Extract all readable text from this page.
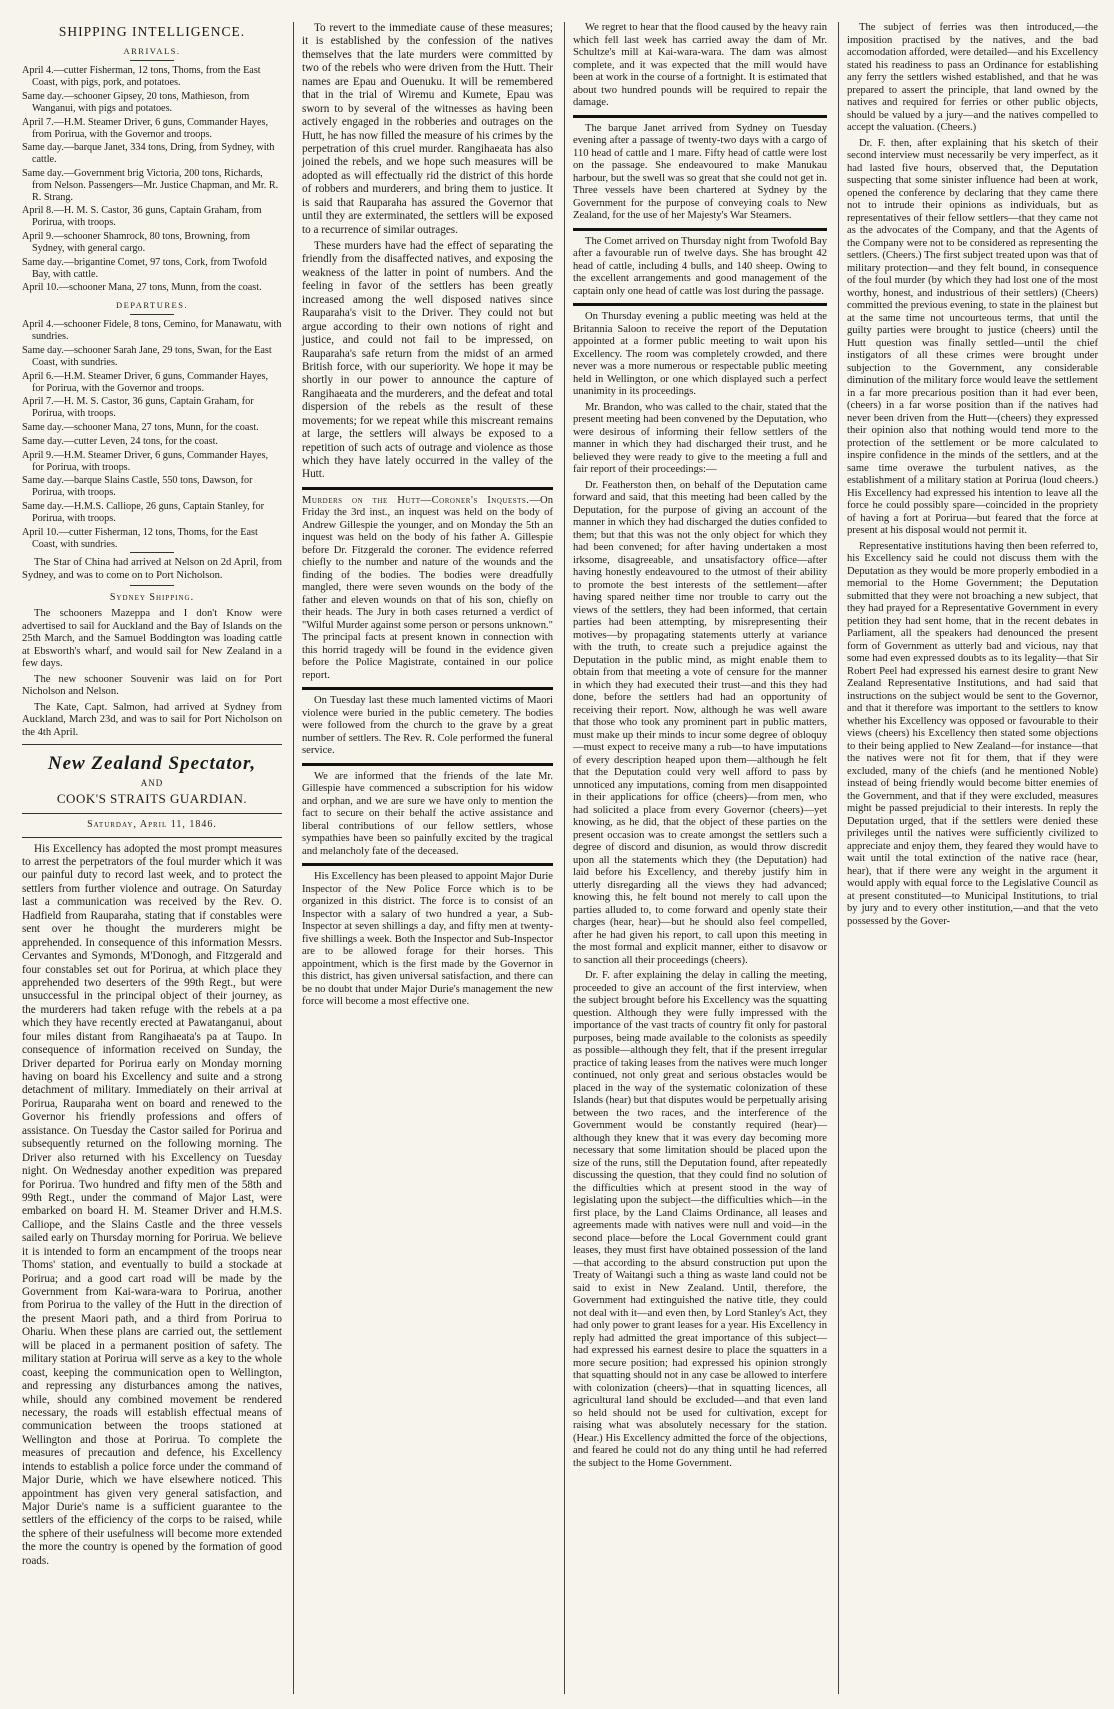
SHIPPING INTELLIGENCE.
ARRIVALS.
April 4.—cutter Fisherman, 12 tons, Thoms, from the East Coast, with pigs, pork, and potatoes.
Same day.—schooner Gipsey, 20 tons, Mathieson, from Wanganui, with pigs and potatoes.
April 7.—H.M. Steamer Driver, 6 guns, Commander Hayes, from Porirua, with the Governor and troops.
Same day.—barque Janet, 334 tons, Dring, from Sydney, with cattle.
Same day.—Government brig Victoria, 200 tons, Richards, from Nelson. Passengers—Mr. Justice Chapman, and Mr. R. R. Strang.
April 8.—H. M. S. Castor, 36 guns, Captain Graham, from Porirua, with troops.
April 9.—schooner Shamrock, 80 tons, Browning, from Sydney, with general cargo.
Same day.—brigantine Comet, 97 tons, Cork, from Twofold Bay, with cattle.
April 10.—schooner Mana, 27 tons, Munn, from the coast.
DEPARTURES.
April 4.—schooner Fidele, 8 tons, Cemino, for Manawatu, with sundries.
Same day.—schooner Sarah Jane, 29 tons, Swan, for the East Coast, with sundries.
April 6.—H.M. Steamer Driver, 6 guns, Commander Hayes, for Porirua, with the Governor and troops.
April 7.—H. M. S. Castor, 36 guns, Captain Graham, for Porirua, with troops.
Same day.—schooner Mana, 27 tons, Munn, for the coast.
Same day.—cutter Leven, 24 tons, for the coast.
April 9.—H.M. Steamer Driver, 6 guns, Commander Hayes, for Porirua, with troops.
Same day.—barque Slains Castle, 550 tons, Dawson, for Porirua, with troops.
Same day.—H.M.S. Calliope, 26 guns, Captain Stanley, for Porirua, with troops.
April 10.—cutter Fisherman, 12 tons, Thoms, for the East Coast, with sundries.

The Star of China had arrived at Nelson on 2d April, from Sydney, and was to come on to Port Nicholson.

Sydney Shipping.

The schooners Mazeppa and I don't Know were advertised to sail for Auckland and the Bay of Islands on the 25th March, and the Samuel Boddington was loading cattle at Ebsworth's wharf, and would sail for New Zealand in a few days.

The new schooner Souvenir was laid on for Port Nicholson and Nelson.

The Kate, Capt. Salmon, had arrived at Sydney from Auckland, March 23d, and was to sail for Port Nicholson on the 4th April.

New Zealand Spectator,
AND
COOK'S STRAITS GUARDIAN.
Saturday, April 11, 1846.

His Excellency has adopted the most prompt measures to arrest the perpetrators of the foul murder which it was our painful duty to record last week, and to protect the settlers from further violence and outrage. On Saturday last a communication was received by the Rev. O. Hadfield from Rauparaha, stating that if constables were sent over he thought the murderers might be apprehended. In consequence of this information Messrs. Cervantes and Symonds, M'Donogh, and Fitzgerald and four constables set out for Porirua, at which place they apprehended two deserters of the 99th Regt., but were unsuccessful in the principal object of their journey, as the murderers had taken refuge with the rebels at a pa which they have recently erected at Pawatanganui, about four miles distant from Rangihaeata's pa at Taupo. In consequence of information received on Sunday, the Driver departed for Porirua early on Monday morning having on board his Excellency and suite and a strong detachment of military. Immediately on their arrival at Porirua, Rauparaha went on board and renewed to the Governor his friendly professions and offers of assistance. On Tuesday the Castor sailed for Porirua and subsequently returned on the following morning. The Driver also returned with his Excellency on Tuesday night. On Wednesday another expedition was prepared for Porirua. Two hundred and fifty men of the 58th and 99th Regt., under the command of Major Last, were embarked on board H. M. Steamer Driver and H.M.S. Calliope, and the Slains Castle and the three vessels sailed early on Thursday morning for Porirua. We believe it is intended to form an encampment of the troops near Thoms' station, and eventually to build a stockade at Porirua; and a good cart road will be made by the Government from Kai-wara-wara to Porirua, another from Porirua to the valley of the Hutt in the direction of the present Maori path, and a third from Porirua to Ohariu. When these plans are carried out, the settlement will be placed in a permanent position of safety. The military station at Porirua will serve as a key to the whole coast, keeping the communication open to Wellington, and repressing any disturbances among the natives, while, should any combined movement be rendered necessary, the roads will establish effectual means of communication between the troops stationed at Wellington and those at Porirua. To complete the measures of precaution and defence, his Excellency intends to establish a police force under the command of Major Durie, which we have elsewhere noticed. This appointment has given very general satisfaction, and Major Durie's name is a sufficient guarantee to the settlers of the efficiency of the corps to be raised, while the sphere of their usefulness will become more extended the more the country is opened by the formation of good roads.

To revert to the immediate cause of these measures; it is established by the confession of the natives themselves that the late murders were committed by two of the rebels who were driven from the Hutt. Their names are Epau and Ouenuku. It will be remembered that in the trial of Wiremu and Kumete, Epau was sworn to by several of the witnesses as having been actively engaged in the robberies and outrages on the Hutt, he has now filled the measure of his crimes by the perpetration of this cruel murder. Rangihaeata has also joined the rebels, and we hope such measures will be adopted as will effectually rid the district of this horde of robbers and murderers, and bring them to justice. It is said that Rauparaha has assured the Governor that until they are exterminated, the settlers will be exposed to a recurrence of similar outrages.

These murders have had the effect of separating the friendly from the disaffected natives, and exposing the weakness of the latter in point of numbers. And the feeling in favor of the settlers has been greatly increased among the well disposed natives since Rauparaha's visit to the Driver. They could not but argue according to their own notions of right and justice, and could not fail to be impressed, on Rauparaha's safe return from the midst of an armed British force, with our superiority. We hope it may be shortly in our power to announce the capture of Rangihaeata and the murderers, and the defeat and total dispersion of the rebels as the result of these movements; for we repeat while this miscreant remains at large, the settlers will always be exposed to a repetition of such acts of outrage and violence as those which they have lately occurred in the valley of the Hutt.

Murders on the Hutt—Coroner's Inquests.—On Friday the 3rd inst., an inquest was held on the body of Andrew Gillespie the younger, and on Monday the 5th an inquest was held on the body of his father A. Gillespie before Dr. Fitzgerald the coroner. The evidence referred chiefly to the number and nature of the wounds and the finding of the bodies. The bodies were dreadfully mangled, there were seven wounds on the body of the father and eleven wounds on that of his son, chiefly on their heads. The Jury in both cases returned a verdict of "Wilful Murder against some person or persons unknown." The principal facts at present known in connection with this horrid tragedy will be found in the evidence given before the Police Magistrate, contained in our police report.

On Tuesday last these much lamented victims of Maori violence were buried in the public cemetery. The bodies were followed from the church to the grave by a great number of settlers. The Rev. R. Cole performed the funeral service.

We are informed that the friends of the late Mr. Gillespie have commenced a subscription for his widow and orphan, and we are sure we have only to mention the fact to secure on their behalf the active assistance and liberal contributions of our fellow settlers, whose sympathies have been so painfully excited by the tragical and melancholy fate of the deceased.

His Excellency has been pleased to appoint Major Durie Inspector of the New Police Force which is to be organized in this district. The force is to consist of an Inspector with a salary of two hundred a year, a Sub-Inspector at seven shillings a day, and fifty men at twenty-five shillings a week. Both the Inspector and Sub-Inspector are to be allowed forage for their horses. This appointment, which is the first made by the Governor in this district, has given universal satisfaction, and there can be no doubt that under Major Durie's management the new force will become a most effective one.

We regret to hear that the flood caused by the heavy rain which fell last week has carried away the dam of Mr. Schultze's mill at Kai-wara-wara. The dam was almost complete, and it was expected that the mill would have been at work in the course of a fortnight. It is estimated that about two hundred pounds will be required to repair the damage.

The barque Janet arrived from Sydney on Tuesday evening after a passage of twenty-two days with a cargo of 110 head of cattle and 1 mare. Fifty head of cattle were lost on the passage. She endeavoured to make Manukau harbour, but the swell was so great that she could not get in. Three vessels have been chartered at Sydney by the Government for the purpose of conveying coals to New Zealand, for the use of her Majesty's War Steamers.

The Comet arrived on Thursday night from Twofold Bay after a favourable run of twelve days. She has brought 42 head of cattle, including 4 bulls, and 140 sheep. Owing to the excellent arrangements and good management of the captain only one head of cattle was lost during the passage.

On Thursday evening a public meeting was held at the Britannia Saloon to receive the report of the Deputation appointed at a former public meeting to wait upon his Excellency. The room was completely crowded, and there never was a more numerous or respectable public meeting held in Wellington, or one which displayed such a perfect unanimity in its proceedings.

Mr. Brandon, who was called to the chair, stated that the present meeting had been convened by the Deputation, who were desirous of informing their fellow settlers of the manner in which they had discharged their trust, and he believed they were ready to give to the meeting a full and fair report of their proceedings:—

Dr. Featherston then, on behalf of the Deputation came forward and said, that this meeting had been called by the Deputation, for the purpose of giving an account of the manner in which they had discharged the duties confided to them; but that this was not the only object for which they had been convened; for after having undertaken a most irksome, disagreeable, and unsatisfactory office—after having honestly endeavoured to the utmost of their ability to promote the best interests of the settlement—after having spared neither time nor trouble to carry out the views of the settlers, they had been informed, that certain parties had been attempting, by misrepresenting their motives—by propagating statements utterly at variance with the truth, to create such a prejudice against the Deputation in the public mind, as might enable them to obtain from that meeting a vote of censure for the manner in which they had executed their trust—and this they had done, before the settlers had had an opportunity of receiving their report. Now, although he was well aware that those who took any prominent part in public matters, must make up their minds to incur some degree of obloquy—must expect to receive many a rub—to have imputations of every description heaped upon them—although he felt that the Deputation could very well afford to pass by unnoticed any imputations, coming from men disappointed in their applications for office (cheers)—from men, who had solicited a place from every Governor (cheers)—yet knowing, as he did, that the object of these parties on the present occasion was to create amongst the settlers such a degree of discord and disunion, as would throw discredit upon all the statements which they (the Deputation) had laid before his Excellency, and thereby justify him in utterly disregarding all the views they had advanced; knowing this, he felt bound not merely to call upon the parties alluded to, to come forward and openly state their charges (hear, hear)—but he should also feel compelled, after he had given his report, to call upon this meeting in the most formal and explicit manner, either to disavow or to sanction all their proceedings (cheers).

Dr. F. after explaining the delay in calling the meeting, proceeded to give an account of the first interview, when the subject brought before his Excellency was the squatting question. Although they were fully impressed with the importance of the vast tracts of country fit only for pastoral purposes, being made available to the colonists as speedily as possible—although they felt, that if the present irregular practice of taking leases from the natives were much longer continued, not only great and serious obstacles would be placed in the way of the systematic colonization of these Islands (hear) but that disputes would be perpetually arising between the two races, and the interference of the Government would be constantly required (hear)—although they knew that it was every day becoming more necessary that some limitation should be placed upon the size of the runs, still the Deputation found, after repeatedly discussing the question, that they could find no solution of the difficulties which at present stood in the way of legislating upon the subject—the difficulties which—in the first place, by the Land Claims Ordinance, all leases and agreements made with natives were null and void—in the second place—before the Local Government could grant leases, they must first have obtained possession of the land—that according to the absurd construction put upon the Treaty of Waitangi such a thing as waste land could not be said to exist in New Zealand. Until, therefore, the Government had extinguished the native title, they could not deal with it—and even then, by Lord Stanley's Act, they had only power to grant leases for a year. His Excellency in reply had admitted the great importance of this subject—had expressed his earnest desire to place the squatters in a more secure position; had expressed his opinion strongly that squatting should not in any case be allowed to interfere with colonization (cheers)—that in squatting licences, all agricultural land should be excluded—and that even land so held should not be used for cultivation, except for raising what was absolutely necessary for the station. (Hear.) His Excellency admitted the force of the objections, and feared he could not do any thing until he had referred the subject to the Home Government.

The subject of ferries was then introduced,—the imposition practised by the natives, and the bad accomodation afforded, were detailed—and his Excellency stated his readiness to pass an Ordinance for establishing any ferry the settlers wished established, and that he was prepared to assert the principle, that land owned by the natives and required for ferries or other public objects, should be valued by a jury—and the natives compelled to accept the valuation. (Cheers.)

Dr. F. then, after explaining that his sketch of their second interview must necessarily be very imperfect, as it had lasted five hours, observed that, the Deputation suspecting that some sinister influence had been at work, opened the conference by declaring that they came there not to intrude their opinions as individuals, but as representatives of their fellow settlers—that they came not as the advocates of the Company, and that the Agents of the Company were not to be considered as representing the settlers. (Cheers.) The first subject treated upon was that of military protection—and they felt bound, in consequence of the foul murder (by which they had lost one of the most worthy, honest, and industrious of their settlers) (Cheers) committed the previous evening, to state in the plainest but at the same time not uncourteous terms, that until the guilty parties were brought to justice (cheers) until the Hutt question was finally settled—until the chief instigators of all these crimes were brought under subjection to the Government, any considerable diminution of the military force would leave the settlement in a far more precarious position than it had ever been, (cheers) in a far worse position than if the natives had never been driven from the Hutt—(cheers) they expressed their opinion also that nothing would tend more to the protection of the settlement or be more calculated to inspire confidence in the minds of the settlers, and at the same time overawe the turbulent natives, as the establishment of a military station at Porirua (loud cheers.) His Excellency had expressed his intention to leave all the force he could possibly spare—coincided in the propriety of having a fort at Porirua—but feared that the force at present at his disposal would not permit it.

Representative institutions having then been referred to, his Excellency said he could not discuss them with the Deputation as they would be more properly embodied in a memorial to the Home Government; the Deputation submitted that they were not broaching a new subject, that they had prayed for a Representative Government in every petition they had sent home, that in the recent debates in Parliament, all the speakers had denounced the present form of Government as utterly bad and vicious, nay that some had even expressed doubts as to its legality—that Sir Robert Peel had expressed his earnest desire to grant New Zealand Representative Institutions, and had said that instructions on the subject would be sent to the Governor, and that it therefore was important to the settlers to know whether his Excellency was opposed or favourable to their views (cheers) his Excellency then stated some objections to their being applied to New Zealand—for instance—that the natives were not fit for them, that if they were excluded, many of the chiefs (and he mentioned Noble) instead of being friendly would become bitter enemies of the Government, and that if they were excluded, measures might be passed prejudicial to their interests. In reply the Deputation urged, that if the settlers were denied these privileges until the natives were sufficiently civilized to appreciate and enjoy them, they feared they would have to wait until the total extinction of the native race (hear, hear), that if there were any weight in the argument it would apply with equal force to the Legislative Council as at present constituted—to Municipal Institutions, to trial by jury and to every other institution,—and that the veto possessed by the Gover-
